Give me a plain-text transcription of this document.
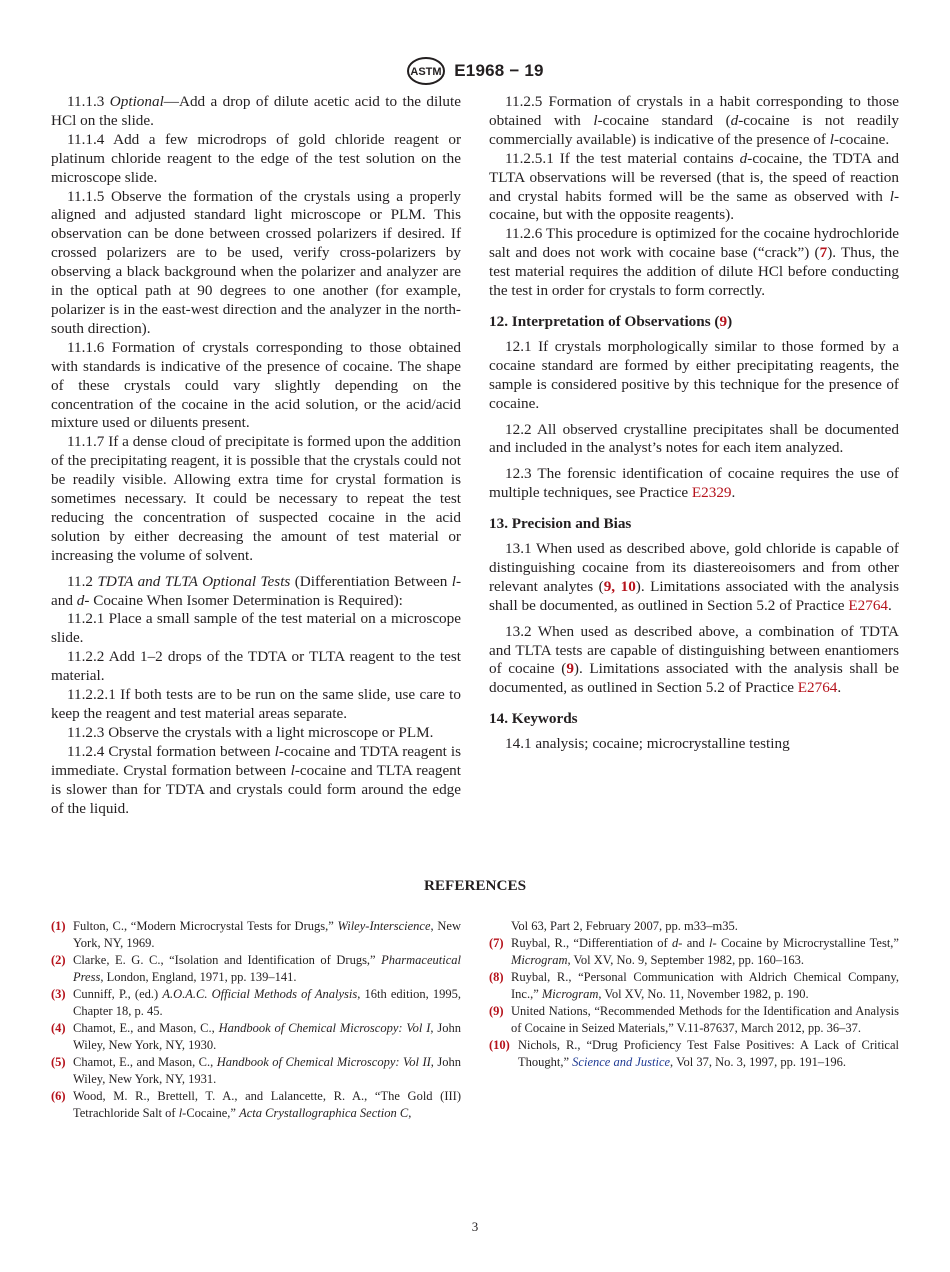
ASTM E1968 − 19

11.1.3 Optional—Add a drop of dilute acetic acid to the dilute HCl on the slide.

11.1.4 Add a few microdrops of gold chloride reagent or platinum chloride reagent to the edge of the test solution on the microscope slide.

11.1.5 Observe the formation of the crystals using a properly aligned and adjusted standard light microscope or PLM. This observation can be done between crossed polarizers if desired. If crossed polarizers are to be used, verify cross-polarizers by observing a black background when the polarizer and analyzer are in the optical path at 90 degrees to one another (for example, polarizer is in the east-west direction and the analyzer in the north-south direction).

11.1.6 Formation of crystals corresponding to those obtained with standards is indicative of the presence of cocaine. The shape of these crystals could vary slightly depending on the concentration of the cocaine in the acid solution, or the acid/acid mixture used or diluents present.

11.1.7 If a dense cloud of precipitate is formed upon the addition of the precipitating reagent, it is possible that the crystals could not be readily visible. Allowing extra time for crystal formation is sometimes necessary. It could be necessary to repeat the test reducing the concentration of suspected cocaine in the acid solution by either decreasing the amount of test material or increasing the volume of solvent.

11.2 TDTA and TLTA Optional Tests (Differentiation Between l- and d- Cocaine When Isomer Determination is Required):

11.2.1 Place a small sample of the test material on a microscope slide.

11.2.2 Add 1–2 drops of the TDTA or TLTA reagent to the test material.

11.2.2.1 If both tests are to be run on the same slide, use care to keep the reagent and test material areas separate.

11.2.3 Observe the crystals with a light microscope or PLM.

11.2.4 Crystal formation between l-cocaine and TDTA reagent is immediate. Crystal formation between l-cocaine and TLTA reagent is slower than for TDTA and crystals could form around the edge of the liquid.

11.2.5 Formation of crystals in a habit corresponding to those obtained with l-cocaine standard (d-cocaine is not readily commercially available) is indicative of the presence of l-cocaine.

11.2.5.1 If the test material contains d-cocaine, the TDTA and TLTA observations will be reversed (that is, the speed of reaction and crystal habits formed will be the same as observed with l-cocaine, but with the opposite reagents).

11.2.6 This procedure is optimized for the cocaine hydrochloride salt and does not work with cocaine base (“crack”) (7). Thus, the test material requires the addition of dilute HCl before conducting the test in order for crystals to form correctly.

12. Interpretation of Observations (9)

12.1 If crystals morphologically similar to those formed by a cocaine standard are formed by either precipitating reagents, the sample is considered positive by this technique for the presence of cocaine.

12.2 All observed crystalline precipitates shall be documented and included in the analyst’s notes for each item analyzed.

12.3 The forensic identification of cocaine requires the use of multiple techniques, see Practice E2329.

13. Precision and Bias

13.1 When used as described above, gold chloride is capable of distinguishing cocaine from its diastereoisomers and from other relevant analytes (9, 10). Limitations associated with the analysis shall be documented, as outlined in Section 5.2 of Practice E2764.

13.2 When used as described above, a combination of TDTA and TLTA tests are capable of distinguishing between enantiomers of cocaine (9). Limitations associated with the analysis shall be documented, as outlined in Section 5.2 of Practice E2764.

14. Keywords

14.1 analysis; cocaine; microcrystalline testing

REFERENCES
(1) Fulton, C., “Modern Microcrystal Tests for Drugs,” Wiley-Interscience, New York, NY, 1969.
(2) Clarke, E. G. C., “Isolation and Identification of Drugs,” Pharmaceutical Press, London, England, 1971, pp. 139–141.
(3) Cunniff, P., (ed.) A.O.A.C. Official Methods of Analysis, 16th edition, 1995, Chapter 18, p. 45.
(4) Chamot, E., and Mason, C., Handbook of Chemical Microscopy: Vol I, John Wiley, New York, NY, 1930.
(5) Chamot, E., and Mason, C., Handbook of Chemical Microscopy: Vol II, John Wiley, New York, NY, 1931.
(6) Wood, M. R., Brettell, T. A., and Lalancette, R. A., “The Gold (III) Tetrachloride Salt of l-Cocaine,” Acta Crystallographica Section C,
Vol 63, Part 2, February 2007, pp. m33–m35.
(7) Ruybal, R., “Differentiation of d- and l- Cocaine by Microcrystalline Test,” Microgram, Vol XV, No. 9, September 1982, pp. 160–163.
(8) Ruybal, R., “Personal Communication with Aldrich Chemical Company, Inc.,” Microgram, Vol XV, No. 11, November 1982, p. 190.
(9) United Nations, “Recommended Methods for the Identification and Analysis of Cocaine in Seized Materials,” V.11-87637, March 2012, pp. 36–37.
(10) Nichols, R., “Drug Proficiency Test False Positives: A Lack of Critical Thought,” Science and Justice, Vol 37, No. 3, 1997, pp. 191–196.
3
